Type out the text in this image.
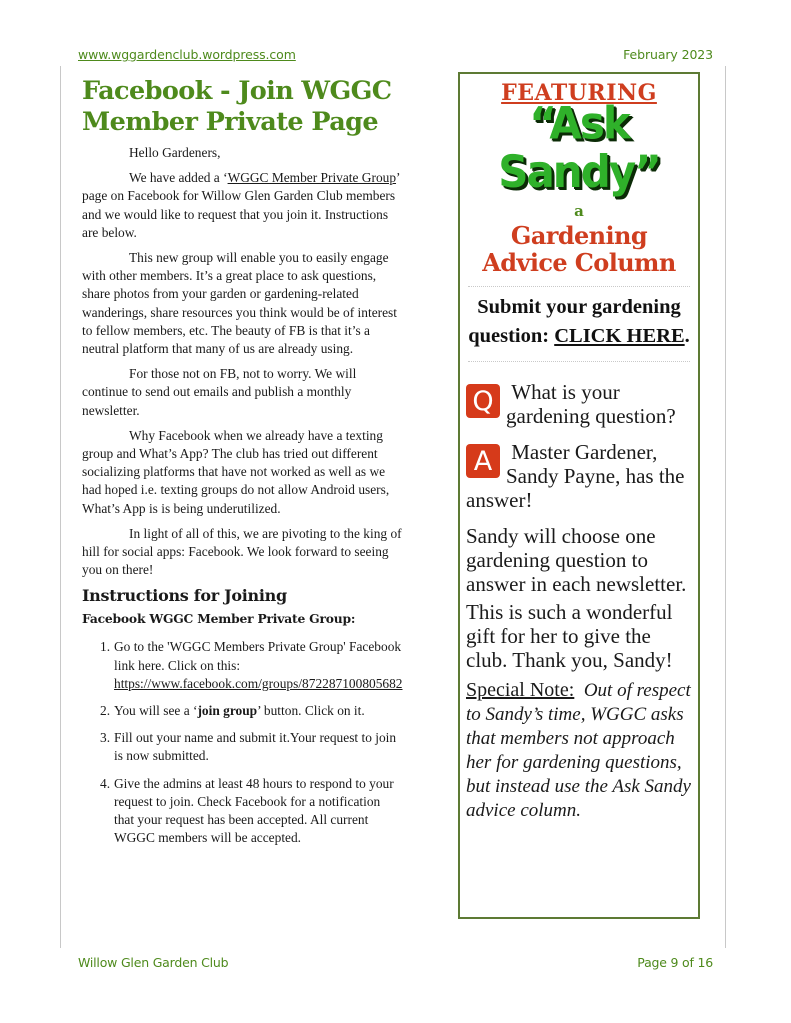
www.wggardenclub.wordpress.com	February 2023
Facebook - Join WGGC Member Private Page

Hello Gardeners,

We have added a ‘WGGC Member Private Group’ page on Facebook for Willow Glen Garden Club members and we would like to request that you join it. Instructions are below.

This new group will enable you to easily engage with other members. It’s a great place to ask questions, share photos from your garden or gardening-related wanderings, share resources you think would be of interest to fellow members, etc. The beauty of FB is that it’s a neutral platform that many of us are already using.

For those not on FB, not to worry. We will continue to send out emails and publish a monthly newsletter.

Why Facebook when we already have a texting group and What’s App? The club has tried out different socializing platforms that have not worked as well as we had hoped i.e. texting groups do not allow Android users, What’s App is is being underutilized.

In light of all of this, we are pivoting to the king of hill for social apps: Facebook. We look forward to seeing you on there!

Instructions for Joining
Facebook WGGC Member Private Group:
1. Go to the 'WGGC Members Private Group' Facebook link here. Click on this: https://www.facebook.com/groups/872287100805682
2. You will see a ‘join group’ button. Click on it.
3. Fill out your name and submit it.Your request to join is now submitted.
4. Give the admins at least 48 hours to respond to your request to join. Check Facebook for a notification that your request has been accepted. All current WGGC members will be accepted.
FEATURING
“Ask Sandy”
a
Gardening
Advice Column
Submit your gardening question: CLICK HERE.
Q What is your gardening question?
A Master Gardener, Sandy Payne, has the answer!

Sandy will choose one gardening question to answer in each newsletter.

This is such a wonderful gift for her to give the club. Thank you, Sandy!

Special Note: Out of respect to Sandy’s time, WGGC asks that members not approach her for gardening questions, but instead use the Ask Sandy advice column.

Willow Glen Garden Club	Page 9 of 16
